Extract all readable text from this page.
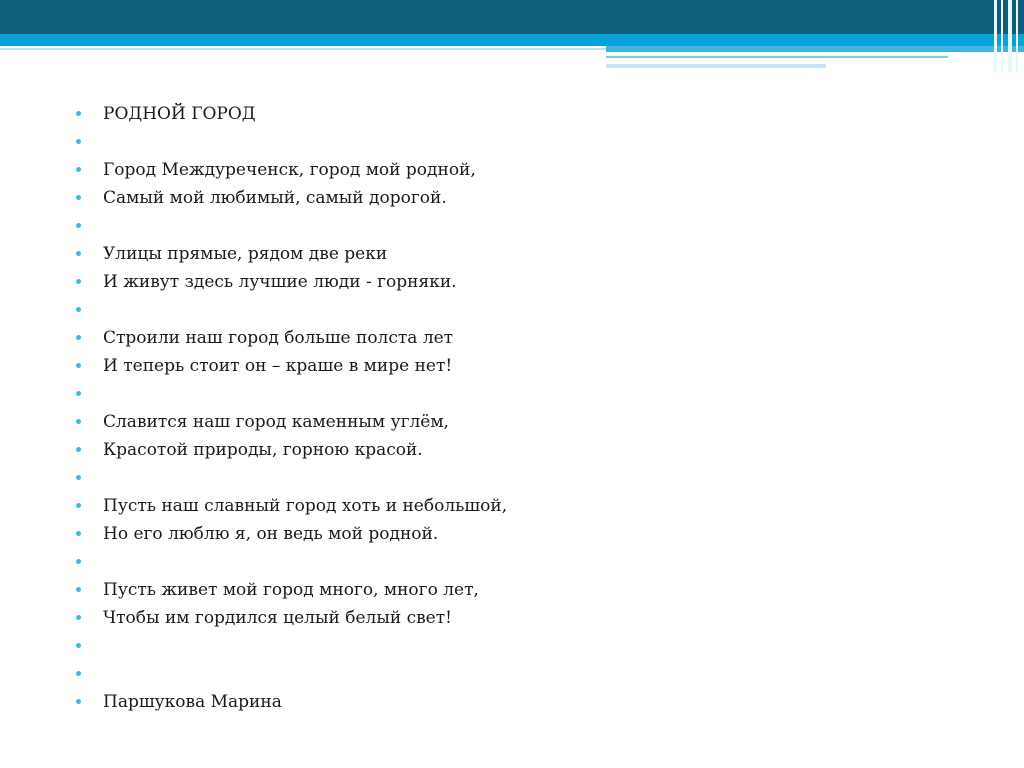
РОДНОЙ ГОРОД
Город Междуреченск, город мой родной,
Самый мой любимый, самый дорогой.
Улицы прямые, рядом две реки
И живут здесь лучшие люди - горняки.
Строили наш город больше полста лет
И теперь стоит он – краше в мире нет!
Славится наш город каменным углём,
Красотой природы, горною красой.
Пусть наш славный город хоть и небольшой,
Но его люблю я, он ведь мой родной.
Пусть живет мой город много, много лет,
Чтобы им гордился целый белый свет!
Паршукова Марина
